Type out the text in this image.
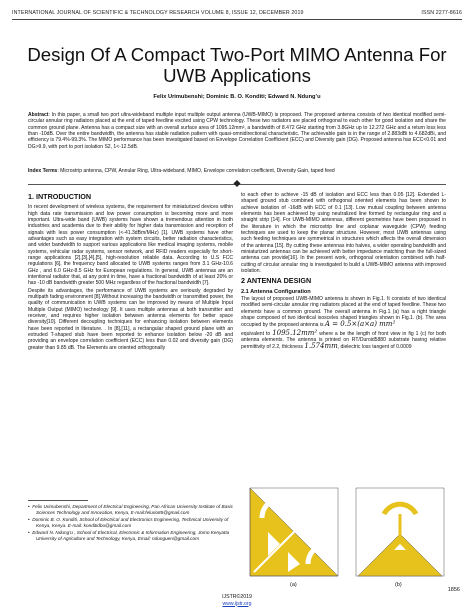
INTERNATIONAL JOURNAL OF SCIENTIFIC & TECHNOLOGY RESEARCH VOLUME 8, ISSUE 12, DECEMBER 2019	ISSN 2277-8616
Design Of A Compact Two-Port MIMO Antenna For UWB Applications
Felix Urimubenshi; Dominic B. O. Konditi; Edward N. Ndung’u
Abstract: In this paper, a small two port ultra-wideband multiple input multiple output antenna (UWB-MIMO) is proposed. The proposed antenna consists of two identical modified semi-circular annular ring radiators placed at the end of taped feedline excited using CPW technology. These two radiators are placed orthogonal to each other for good isolation and share the common ground plane. Antenna has a compact size with an overall surface area of 1095.12mm², a bandwidth of 8.472 GHz starting from 3.8GHz up to 12.272 GHz and a return loss less than -10dB. Over the entire bandwidth, the antenna has stable radiation pattern with quasi-omnidirectional characteristic. The achievable gain is in the range of 2.883dBi to 4.682dBi, and efficiency is 79.4%-99.3%. The MIMO performance has been investigated based on Envelope Correlation Coefficient (ECC) and Diversity gain (DG). Proposed antenna has ECC<0.01 and DG>9.9, with port to port isolation S2, 1<-12.5dB.
Index Terms: Microstrip antenna, CPW, Annular Ring, Ultra-wideband, MIMO, Envelope correlation coefficient, Diversity Gain, taped feed
1. INTRODUCTION

In recent development of wireless systems, the requirement for miniaturized devices within high data rate transmission and low power consumption is becoming more and more important. Ultra-wide band (UWB) systems have shown a tremendous attention in both industries and academia due to their ability for higher data transmission and reception of signals with less power consumption (<-41.3dBm/MHz) [1]. UWB systems have other advantages such as easy integration with system circuits, better radiation characteristics, and wider bandwidth to support various applications like medical imaging systems, mobile systems, vehicular radar systems, sensor network, and RFID readers especially for short-range applications [2],[3],[4],[5], high-resolution reliable data. According to U.S FCC regulations [6], the frequency band allocated to UWB systems ranges from 3.1 GHz-10.6 GHz , and 6.0 GHz-8.5 GHz for European regulations. In general, UWB antennas are an intentional radiator that, at any point in time, have a fractional bandwidth of at least 20% or has -10 dB bandwidth greater 500 MHz regardless of the fractional bandwidth [7].

Despite its advantages, the performance of UWB systems are seriously degraded by multipath fading environment [8].Without increasing the bandwidth or transmitted power, the quality of communication in UWB systems can be improved by means of Multiple Input Multiple Output (MIMO) technology [9]. It uses multiple antennas at both transmitter and receiver, and requires higher isolation between antenna elements for better space diversity[10]. Different decoupling techniques for enhancing isolation between elements have been reported in literature. . In [8],[11], a rectangular shaped ground plane with an extruded T-shaped stub have been reported to enhance isolation below -20 dB and providing an envelope correlation coefficient (ECC) less than 0.02 and diversity gain (DG) greater than 9.85 dB. The Elements are oriented orthogonally

to each other to achieve -15 dB of isolation and ECC less than 0.05 [12]. Extended L-shaped ground stub combined with orthogonal oriented elements has been shown to achieve isolation of -16dB with ECC of 0.1 [13]. Low mutual coupling between antenna elements has been achieved by using neutralized line formed by rectangular ring and a straight strip [14]. For UWB-MIMO antennas, different geometries have been proposed in the literature in which the microstrip line and coplanar waveguide (CPW) feeding techniques are used to keep the planar structure. However, most UWB antennas using such feeding techniques are symmetrical in structures which affects the overall dimension of the antenna [15]. By cutting these antennas into halves, a wider operating bandwidth and miniaturized antennas can be achieved with better impedance matching than the full-sized antenna can provide[16]. In the present work, orthogonal orientation combined with half-cutting of circular annular ring is investigated to build a UWB-MIMO antenna with improved isolation.

2 ANTENNA DESIGN
2.1 Antenna Configuration

The layout of proposed UWB-MIMO antenna is shown in Fig.1. It consists of two identical modified semi-circular annular ring radiators placed at the end of taped feedline. These two elements have a common ground. The overall antenna in Fig.1 (a) has a right triangle shape composed of two identical isosceles shaped triangles shown in Fig.1. (b). The area occupied by the proposed antenna is A = 0.5×(a×a) mm²

equivalent to 1095.12mm² where a be the length of front view in fig 1 (c) for both antenna elements. The antenna is printed on RT/Duroid5880 substrate having relative permittivity of 2.2, thickness 1.574mm, dielectric loss tangent of 0.0009

•  Felix Urimubenshi, Department of Electrical Engineering, Pan African University Institute of Basic Sciences Technology and Innovation, Kenya, E-mail:felurio85@gmail.com
•  Dominic B. O. Konditi, School of Electrical and Electronics Engineering, Technical University of Kenya, Kenya. E-mail: konditidbo@gmail.com
•  Edward N. Ndung’u , School of Electrical, Electronic & Information Engineering, Jomo Kenyatta University of Agriculture and Technology, Kenya, Email: ndunguen@gmail.com
(a)	(b)
1856
IJSTR©2019
www.ijstr.org
